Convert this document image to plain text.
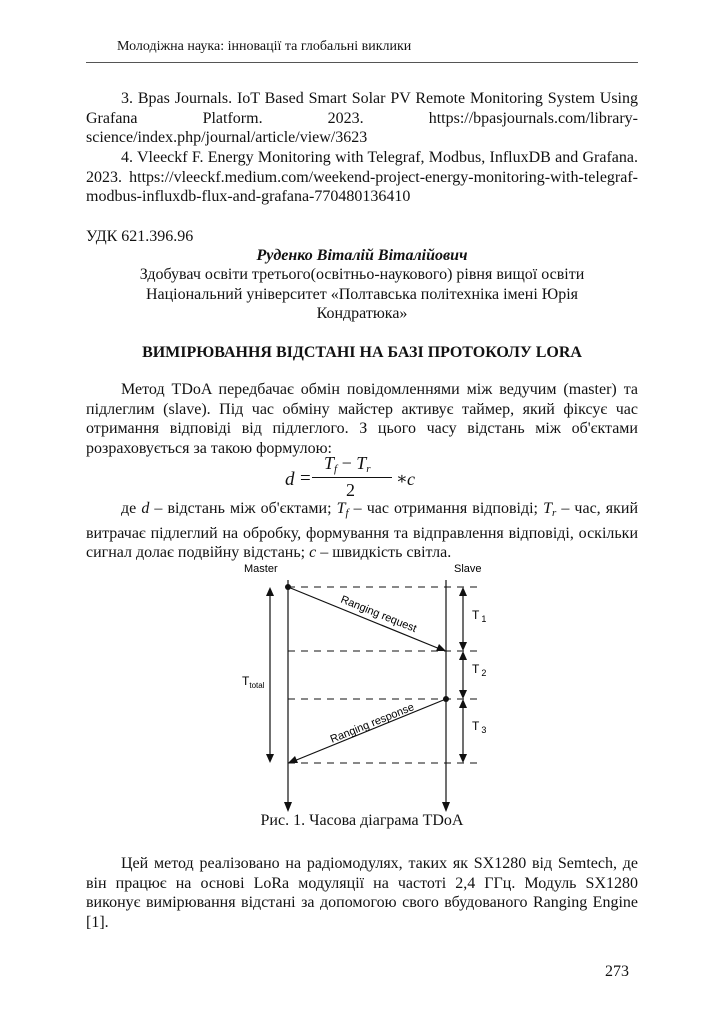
Молодіжна наука: інновації та глобальні виклики

3. Bpas Journals. IoT Based Smart Solar PV Remote Monitoring System Using Grafana Platform. 2023. https://bpasjournals.com/library-science/index.php/journal/article/view/3623

4. Vleeckf F. Energy Monitoring with Telegraf, Modbus, InfluxDB and Grafana. 2023. https://vleeckf.medium.com/weekend-project-energy-monitoring-with-telegraf-modbus-influxdb-flux-and-grafana-770480136410

УДК 621.396.96

Руденко Віталій Віталійович

Здобувач освіти третього(освітньо-наукового) рівня вищої освіти

Національний університет «Полтавська політехніка імені Юрія

Кондратюка»

ВИМІРЮВАННЯ ВІДСТАНІ НА БАЗІ ПРОТОКОЛУ LORA

Метод TDoA передбачає обмін повідомленнями між ведучим (master) та підлеглим (slave). Під час обміну майстер активує таймер, який фіксує час отримання відповіді від підлеглого. З цього часу відстань між об'єктами розраховується за такою формулою:

d =
$T_f - T_r$
2
∗ c

де d – відстань між об'єктами; $T_f$ – час отримання відповіді; $T_r$ – час, який витрачає підлеглий на обробку, формування та відправлення відповіді, оскільки сигнал долає подвійну відстань; c – швидкість світла.

Master	Slave
Ranging request
Ranging response
$T_{total}$
T $_1$
T $_2$
T $_3$
Рис. 1. Часова діаграма TDoA

Цей метод реалізовано на радіомодулях, таких як SX1280 від Semtech, де він працює на основі LoRa модуляції на частоті 2,4 ГГц. Модуль SX1280 виконує вимірювання відстані за допомогою свого вбудованого Ranging Engine [1].

273
